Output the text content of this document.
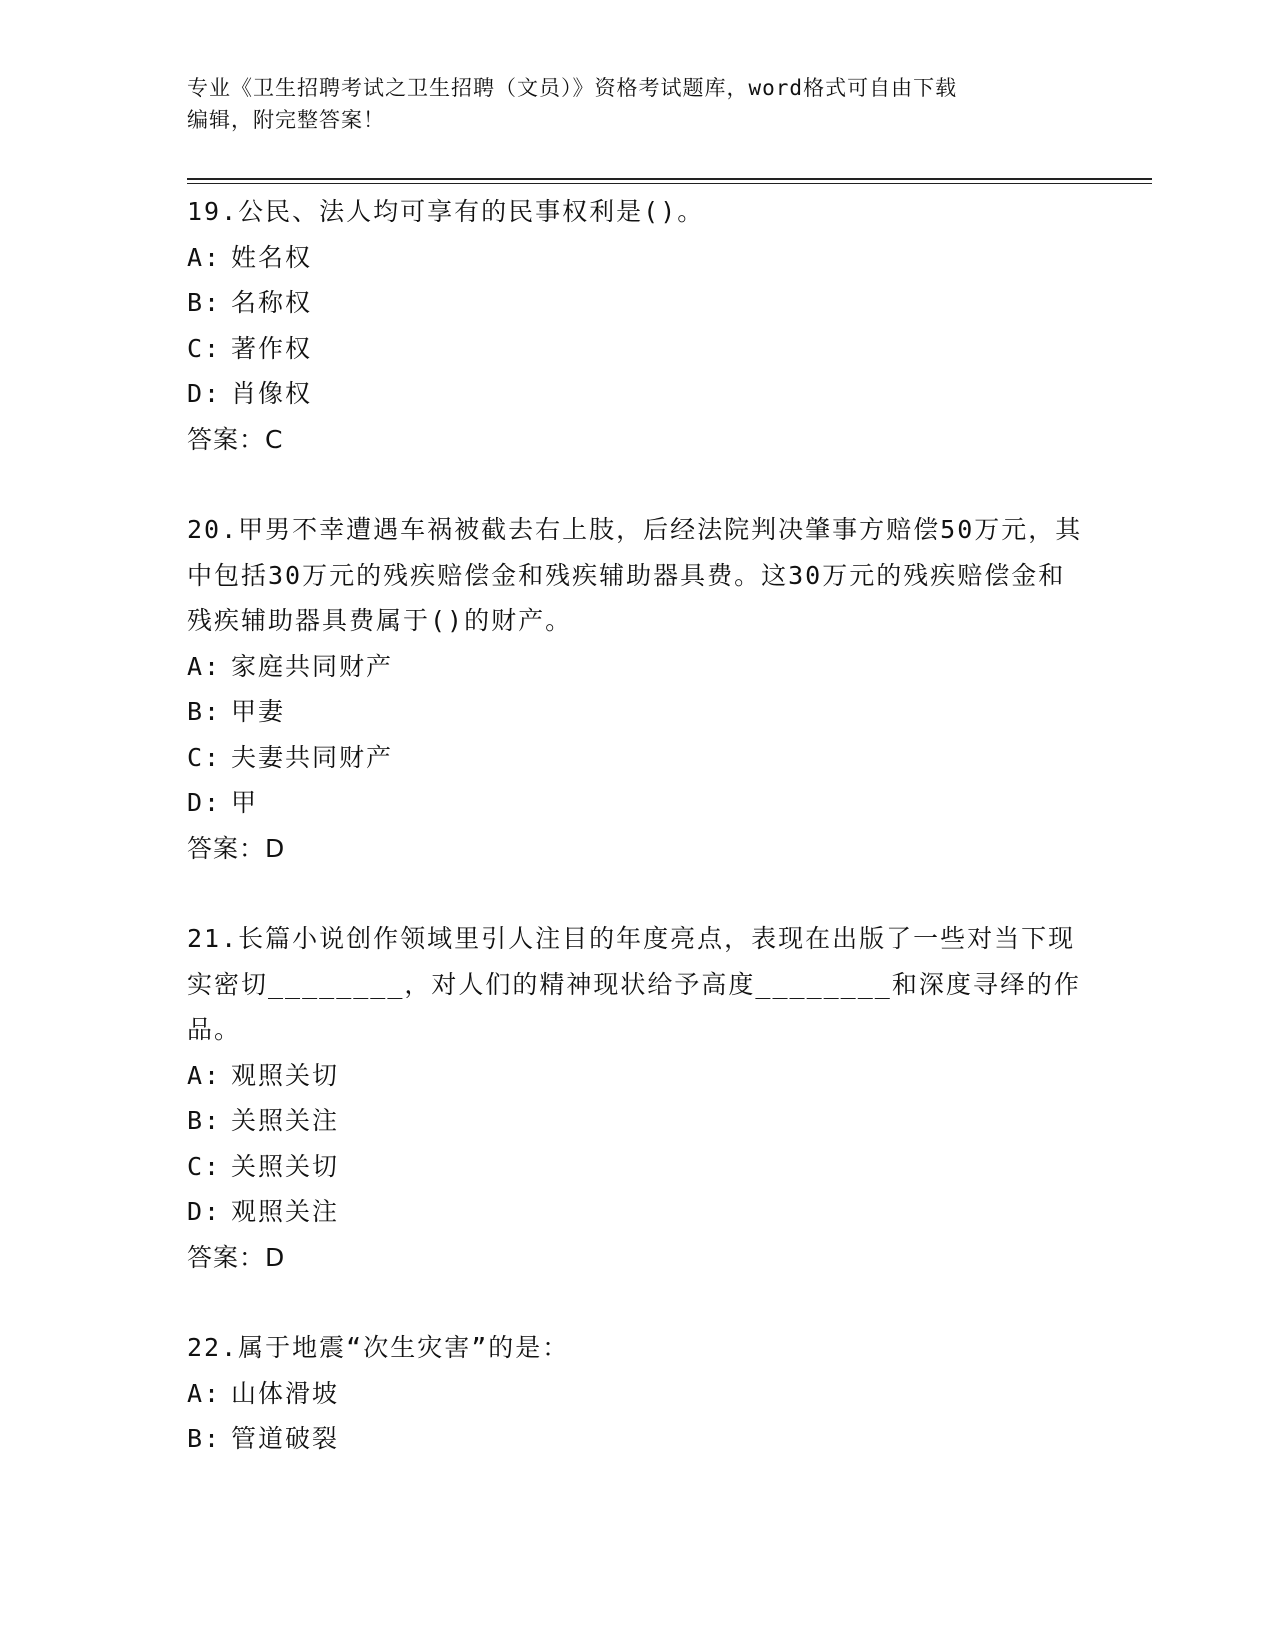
专业《卫生招聘考试之卫生招聘（文员）》资格考试题库，word格式可自由下载
编辑，附完整答案！

19.公民、法人均可享有的民事权利是()。

A: 姓名权

B: 名称权

C: 著作权

D: 肖像权

答案：C

20.甲男不幸遭遇车祸被截去右上肢，后经法院判决肇事方赔偿50万元，其中包括30万元的残疾赔偿金和残疾辅助器具费。这30万元的残疾赔偿金和残疾辅助器具费属于()的财产。

A: 家庭共同财产

B: 甲妻

C: 夫妻共同财产

D: 甲

答案：D

21.长篇小说创作领域里引人注目的年度亮点，表现在出版了一些对当下现实密切________，对人们的精神现状给予高度________和深度寻绎的作品。

A: 观照关切

B: 关照关注

C: 关照关切

D: 观照关注

答案：D

22.属于地震“次生灾害”的是：

A: 山体滑坡

B: 管道破裂
